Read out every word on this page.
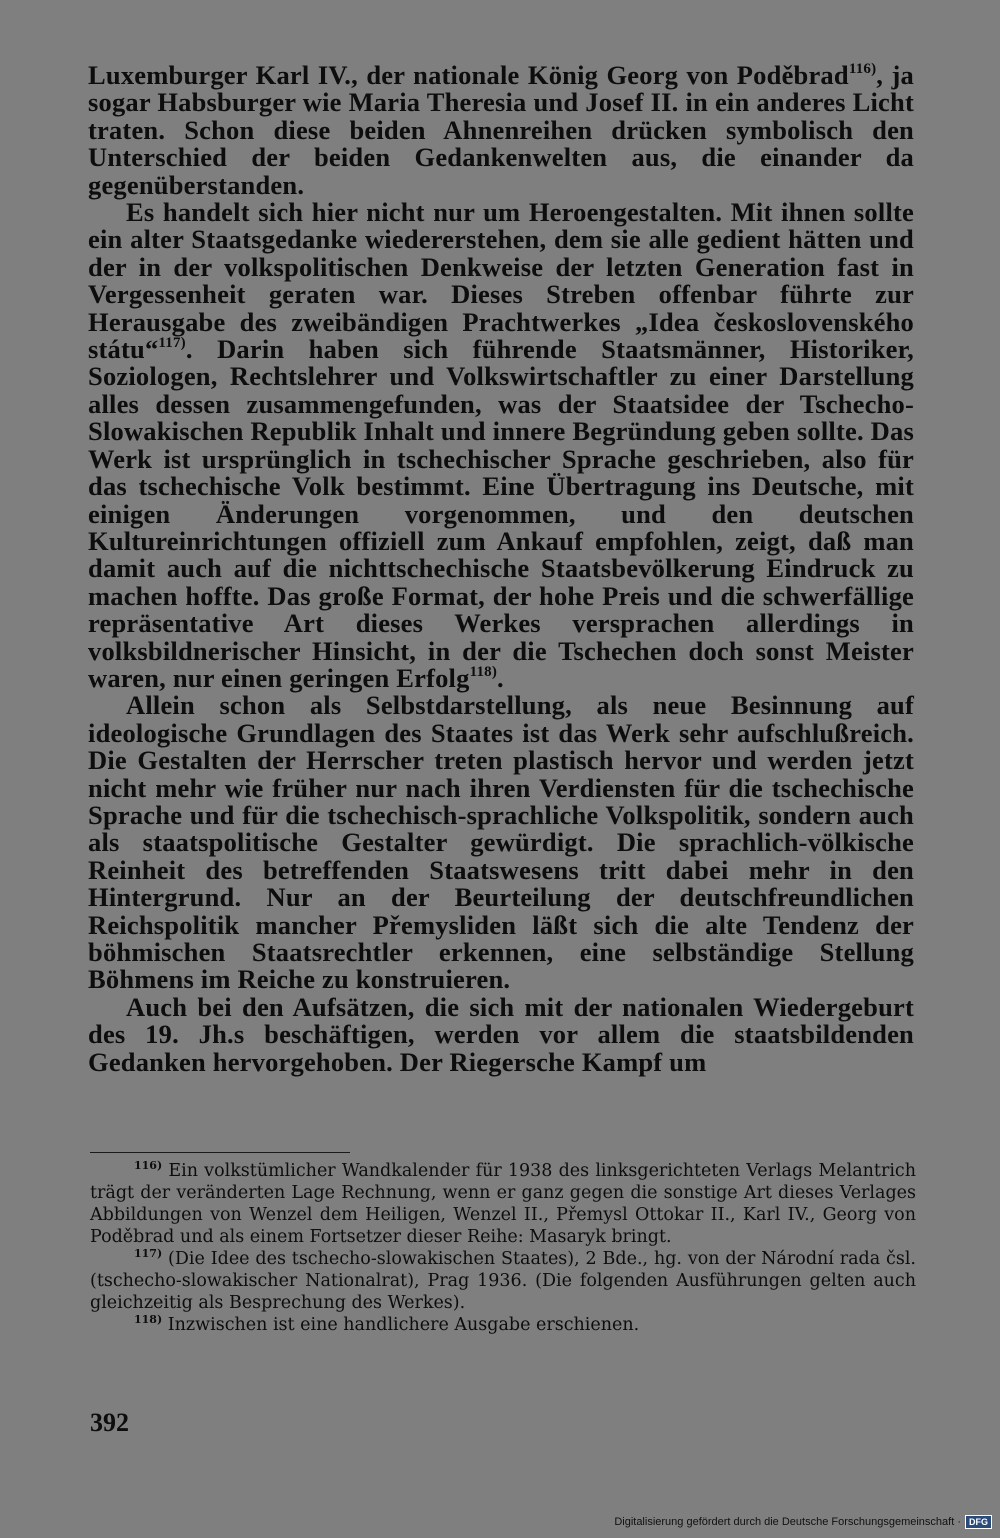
Luxemburger Karl IV., der nationale König Georg von Poděbrad$^{116)}$, ja sogar Habsburger wie Maria Theresia und Josef II. in ein anderes Licht traten. Schon diese beiden Ahnenreihen drücken symbolisch den Unterschied der beiden Gedankenwelten aus, die einander da gegenüberstanden.

Es handelt sich hier nicht nur um Heroengestalten. Mit ihnen sollte ein alter Staatsgedanke wiedererstehen, dem sie alle gedient hätten und der in der volkspolitischen Denkweise der letzten Generation fast in Vergessenheit geraten war. Dieses Streben offenbar führte zur Herausgabe des zweibändigen Prachtwerkes „Idea československého státu“$^{117)}$. Darin haben sich führende Staatsmänner, Historiker, Soziologen, Rechtslehrer und Volkswirtschaftler zu einer Darstellung alles dessen zusammengefunden, was der Staatsidee der Tschecho-Slowakischen Republik Inhalt und innere Begründung geben sollte. Das Werk ist ursprünglich in tschechischer Sprache geschrieben, also für das tschechische Volk bestimmt. Eine Übertragung ins Deutsche, mit einigen Änderungen vorgenommen, und den deutschen Kultureinrichtungen offiziell zum Ankauf empfohlen, zeigt, daß man damit auch auf die nichttschechische Staatsbevölkerung Eindruck zu machen hoffte. Das große Format, der hohe Preis und die schwerfällige repräsentative Art dieses Werkes versprachen allerdings in volksbildnerischer Hinsicht, in der die Tschechen doch sonst Meister waren, nur einen geringen Erfolg$^{118)}$.

Allein schon als Selbstdarstellung, als neue Besinnung auf ideologische Grundlagen des Staates ist das Werk sehr aufschlußreich. Die Gestalten der Herrscher treten plastisch hervor und werden jetzt nicht mehr wie früher nur nach ihren Verdiensten für die tschechische Sprache und für die tschechisch-sprachliche Volkspolitik, sondern auch als staatspolitische Gestalter gewürdigt. Die sprachlich-völkische Reinheit des betreffenden Staatswesens tritt dabei mehr in den Hintergrund. Nur an der Beurteilung der deutschfreundlichen Reichspolitik mancher Přemysliden läßt sich die alte Tendenz der böhmischen Staatsrechtler erkennen, eine selbständige Stellung Böhmens im Reiche zu konstruieren.

Auch bei den Aufsätzen, die sich mit der nationalen Wiedergeburt des 19. Jh.s beschäftigen, werden vor allem die staatsbildenden Gedanken hervorgehoben. Der Riegersche Kampf um

$^{116)}$ Ein volkstümlicher Wandkalender für 1938 des linksgerichteten Verlags Melantrich trägt der veränderten Lage Rechnung, wenn er ganz gegen die sonstige Art dieses Verlages Abbildungen von Wenzel dem Heiligen, Wenzel II., Přemysl Ottokar II., Karl IV., Georg von Poděbrad und als einem Fortsetzer dieser Reihe: Masaryk bringt.

$^{117)}$ (Die Idee des tschecho-slowakischen Staates), 2 Bde., hg. von der Národní rada čsl. (tschecho-slowakischer Nationalrat), Prag 1936. (Die folgenden Ausführungen gelten auch gleichzeitig als Besprechung des Werkes).

$^{118)}$ Inzwischen ist eine handlichere Ausgabe erschienen.

392
Digitalisierung gefördert durch die Deutsche Forschungsgemeinschaft · DFG
